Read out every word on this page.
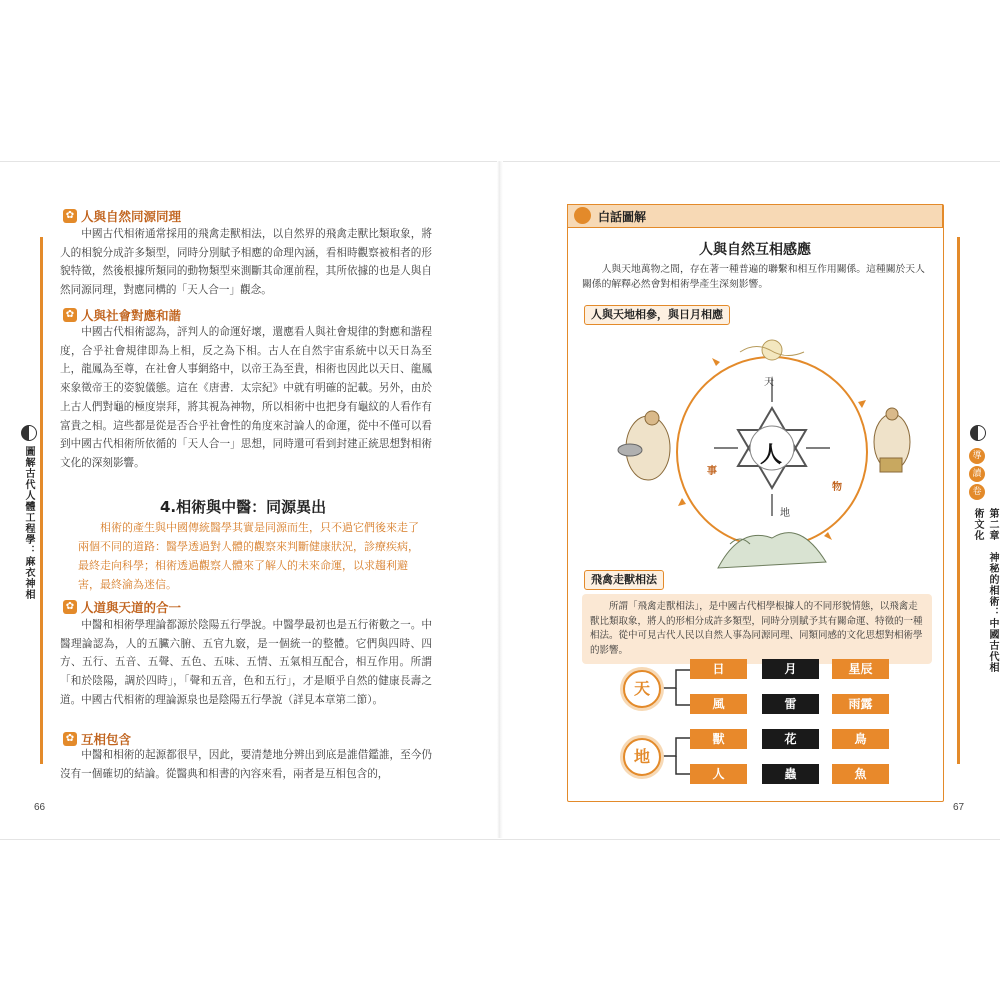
圖解古代人體工程學：麻衣神相
✿ 人與自然同源同理
中國古代相術通常採用的飛禽走獸相法，以自然界的飛禽走獸比類取象，將人的相貌分成許多類型，同時分別賦予相應的命理內涵，看相時觀察被相者的形貌特徵，然後根據所類同的動物類型來測斷其命運前程，其所依據的也是人與自然同源同理，對應同構的「天人合一」觀念。
✿ 人與社會對應和諧
中國古代相術認為，評判人的命運好壞，還應看人與社會規律的對應和諧程度，合乎社會規律即為上相，反之為下相。古人在自然宇宙系統中以天日為至上，龍鳳為至尊，在社會人事網絡中，以帝王為至貴，相術也因此以天日、龍鳳來象徵帝王的姿貌儀態。這在《唐書．太宗紀》中就有明確的記載。另外，由於上古人們對龜的極度崇拜，將其視為神物，所以相術中也把身有龜紋的人看作有富貴之相。這些都是從是否合乎社會性的角度來討論人的命運，從中不僅可以看到中國古代相術所依循的「天人合一」思想，同時還可看到封建正統思想對相術文化的深刻影響。
4.相術與中醫：同源異出
相術的產生與中國傳統醫學其實是同源而生，只不過它們後來走了兩個不同的道路：醫學透過對人體的觀察來判斷健康狀況，診療疾病，最終走向科學；相術透過觀察人體來了解人的未來命運，以求趨利避害，最終淪為迷信。
✿ 人道與天道的合一
中醫和相術學理論都源於陰陽五行學說。中醫學最初也是五行術數之一。中醫理論認為，人的五臟六腑、五官九竅，是一個統一的整體。它們與四時、四方、五行、五音、五聲、五色、五味、五情、五氣相互配合，相互作用。所謂「和於陰陽，調於四時」，「聲和五音，色和五行」，才是順乎自然的健康長壽之道。中國古代相術的理論源泉也是陰陽五行學說（詳見本章第二節）。
✿ 互相包含
中醫和相術的起源都很早，因此，要清楚地分辨出到底是誰借鑑誰，至今仍沒有一個確切的結論。從醫典和相書的內容來看，兩者是互相包含的，
66
導
讀
卷
第二章　神秘的相術：中國古代相術文化
67
白話圖解
人與自然互相感應
人與天地萬物之間，存在著一種普遍的聯繫和相互作用關係。這種關於天人關係的解釋必然會對相術學產生深刻影響。
人與天地相參，與日月相應
天
地
事
物
人
飛禽走獸相法
所謂「飛禽走獸相法」，是中國古代相學根據人的不同形貌情態，以飛禽走獸比類取象，將人的形相分成許多類型，同時分別賦予其有關命運、特徵的一種相法。從中可見古代人民以自然人事為同源同理、同類同感的文化思想對相術學的影響。
天
地
日	月	星辰
風	雷	雨露
獸	花	鳥
人	蟲	魚
